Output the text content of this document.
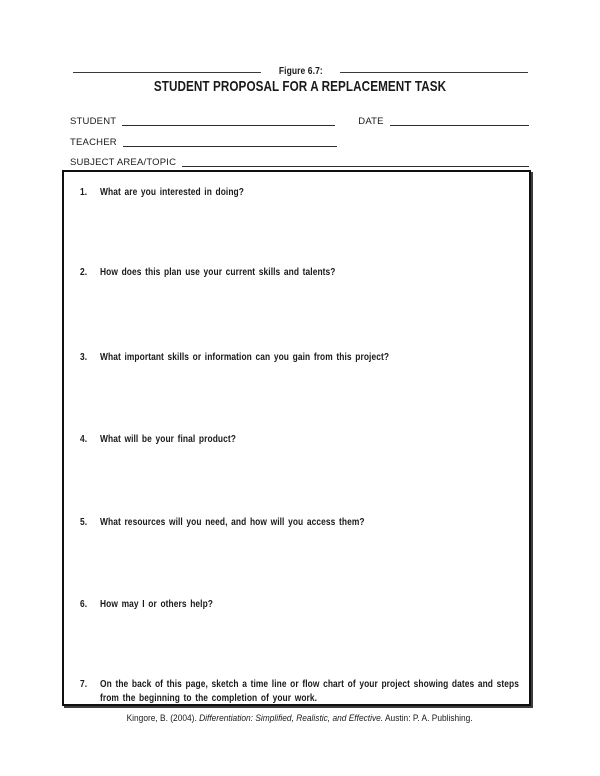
Figure 6.7:
STUDENT PROPOSAL FOR A REPLACEMENT TASK
STUDENT	DATE
TEACHER
SUBJECT AREA/TOPIC
1.	What are you interested in doing?
2.	How does this plan use your current skills and talents?
3.	What important skills or information can you gain from this project?
4.	What will be your final product?
5.	What resources will you need, and how will you access them?
6.	How may I or others help?
7.	On the back of this page, sketch a time line or flow chart of your project showing dates and steps from the beginning to the completion of your work.
Kingore, B. (2004). Differentiation: Simplified, Realistic, and Effective. Austin: P. A. Publishing.
